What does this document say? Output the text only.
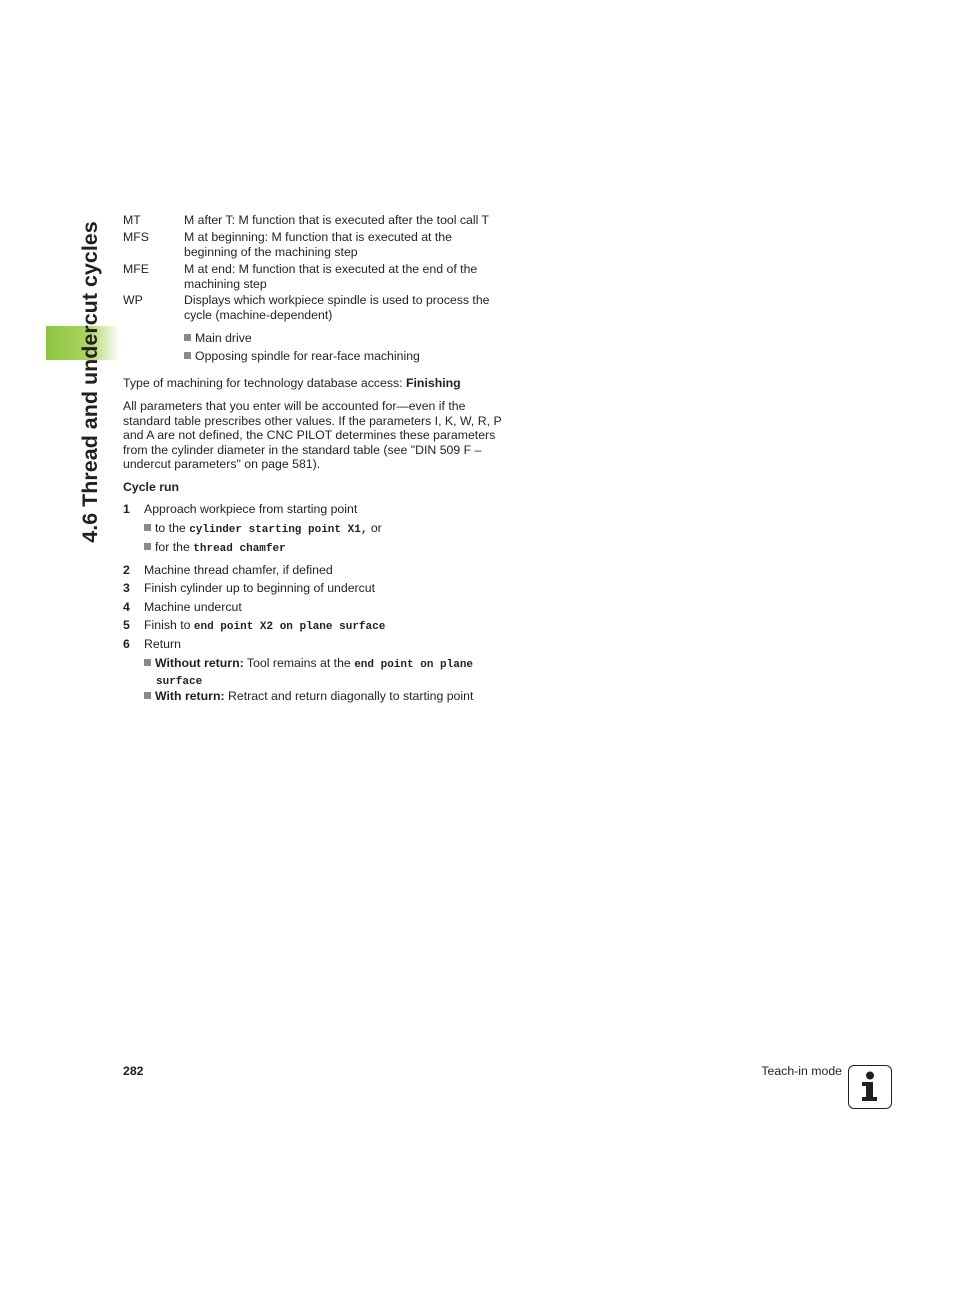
4.6 Thread and undercut cycles
MT	M after T: M function that is executed after the tool call T
MFS	M at beginning: M function that is executed at the
beginning of the machining step
MFE	M at end: M function that is executed at the end of the
machining step
WP	Displays which workpiece spindle is used to process the
cycle (machine-dependent)
Main drive
Opposing spindle for rear-face machining
Type of machining for technology database access: Finishing
All parameters that you enter will be accounted for—even if the
standard table prescribes other values. If the parameters I, K, W, R, P
and A are not defined, the CNC PILOT determines these parameters
from the cylinder diameter in the standard table (see "DIN 509 F –
undercut parameters" on page 581).
Cycle run
1 Approach workpiece from starting point
to the cylinder starting point X1, or
for the thread chamfer
2 Machine thread chamfer, if defined
3 Finish cylinder up to beginning of undercut
4 Machine undercut
5 Finish to end point X2 on plane surface
6 Return
Without return: Tool remains at the end point on plane
surface
With return: Retract and return diagonally to starting point
282	Teach-in mode
